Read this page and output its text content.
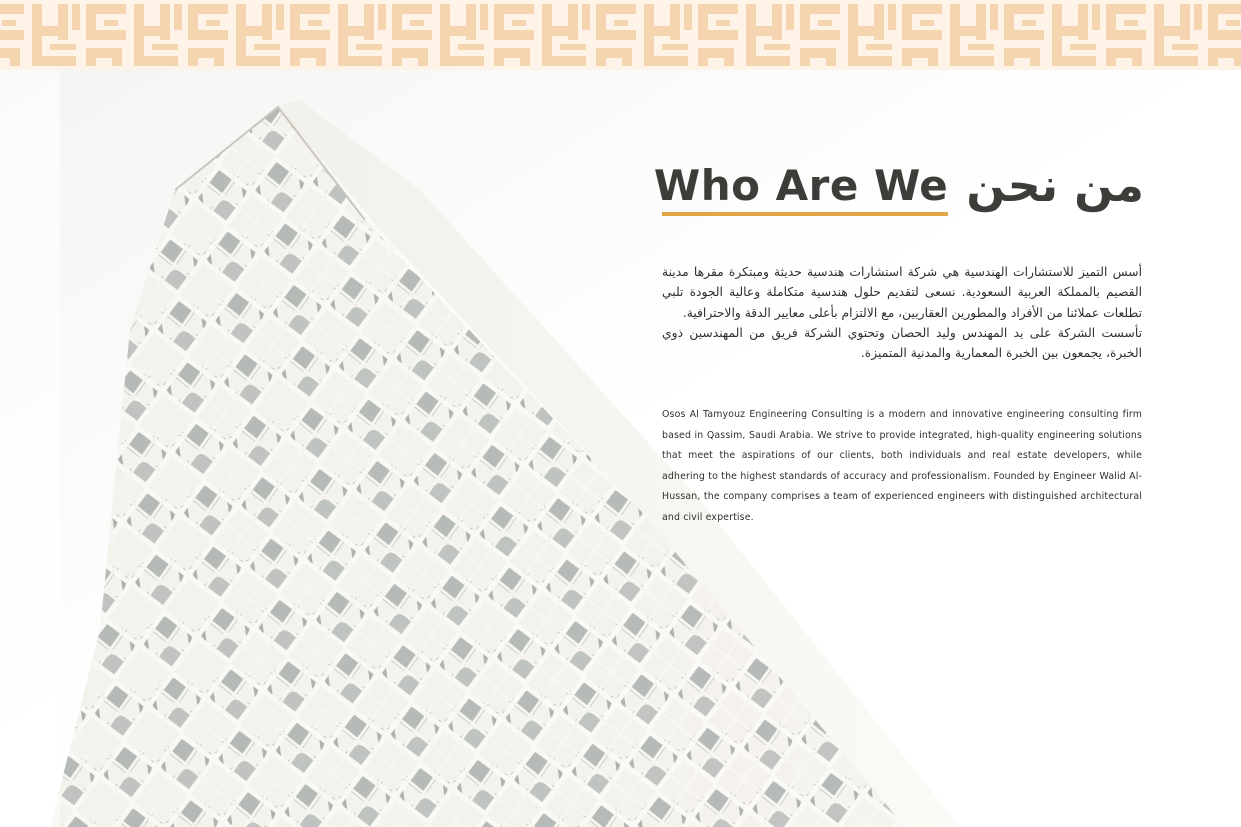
Who Are We من نحن

أسس التميز للاستشارات الهندسية هي شركة استشارات هندسية حديثة ومبتكرة مقرها مدينة القصيم بالمملكة العربية السعودية. نسعى لتقديم حلول هندسية متكاملة وعالية الجودة تلبي تطلعات عملائنا من الأفراد والمطورين العقاريين، مع الالتزام بأعلى معايير الدقة والاحترافية.

تأسست الشركة على يد المهندس وليد الحصان وتحتوي الشركة فريق من المهندسين ذوي الخبرة، يجمعون بين الخبرة المعمارية والمدنية المتميزة.

Osos Al Tamyouz Engineering Consulting is a modern and innovative engineering consulting firm based in Qassim, Saudi Arabia. We strive to provide integrated, high-quality engineering solutions that meet the aspirations of our clients, both individuals and real estate developers, while adhering to the highest standards of accuracy and professionalism. Founded by Engineer Walid Al-Hussan, the company comprises a team of experienced engineers with distinguished architectural and civil expertise.
